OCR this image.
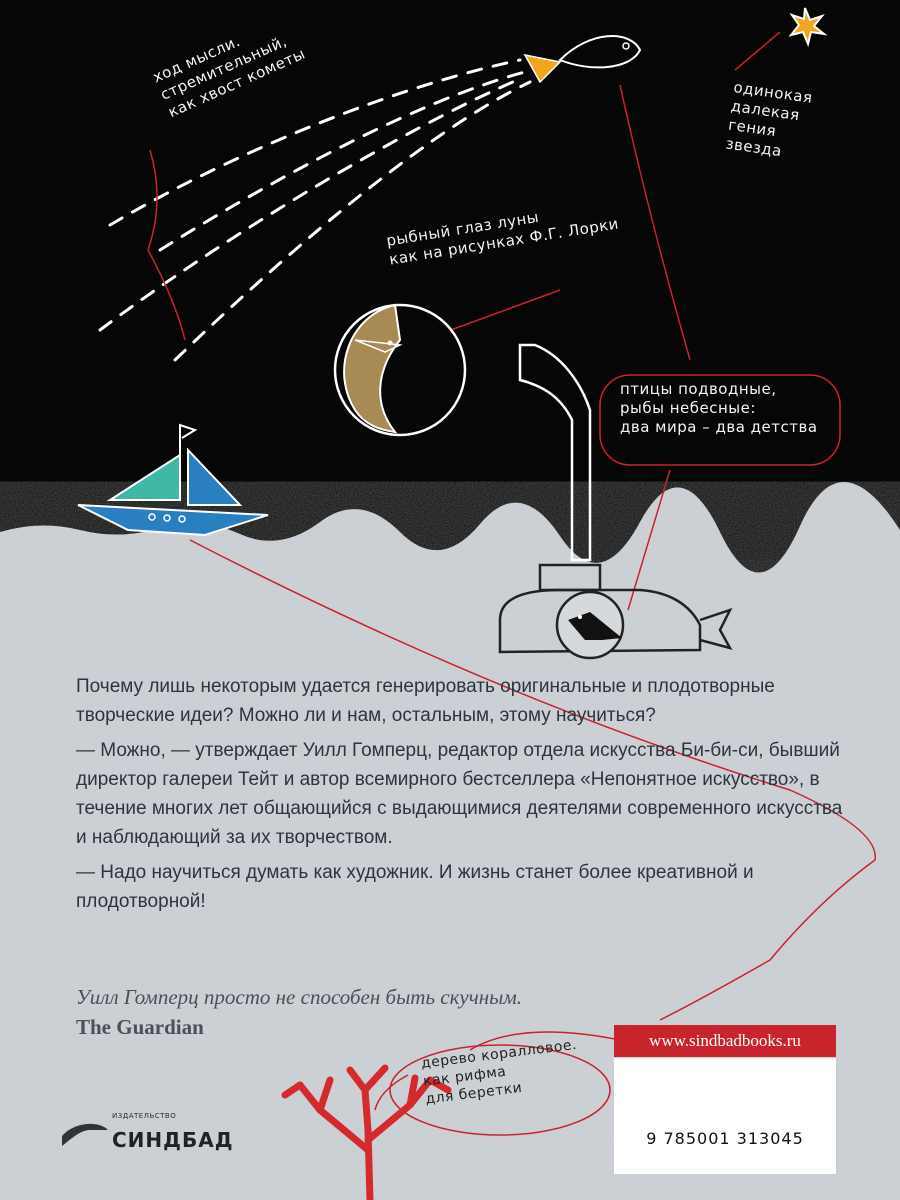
ход мысли.
стремительный,
как хвост кометы	одинокая
далекая
гения
звезда
рыбный глаз луны
как на рисунках Ф.Г. Лорки
птицы подводные,
рыбы небесные:
два мира – два детства
дерево коралловое.
как рифма
для беретки

Почему лишь некоторым удается генерировать оригинальные и плодотворные творческие идеи? Можно ли и нам, остальным, этому научиться?

— Можно, — утверждает Уилл Гомперц, редактор отдела искусства Би-би-си, бывший директор галереи Тейт и автор всемирного бестселлера «Непонятное искусство», в течение многих лет общающийся с выдающимися деятелями современного искусства и наблюдающий за их творчеством.

— Надо научиться думать как художник. И жизнь станет более креативной и плодотворной!

Уилл Гомперц просто не способен быть скучным.
The Guardian
www.sindbadbooks.ru
9 785001 313045
ИЗДАТЕЛЬСТВО
СИНДБАД
